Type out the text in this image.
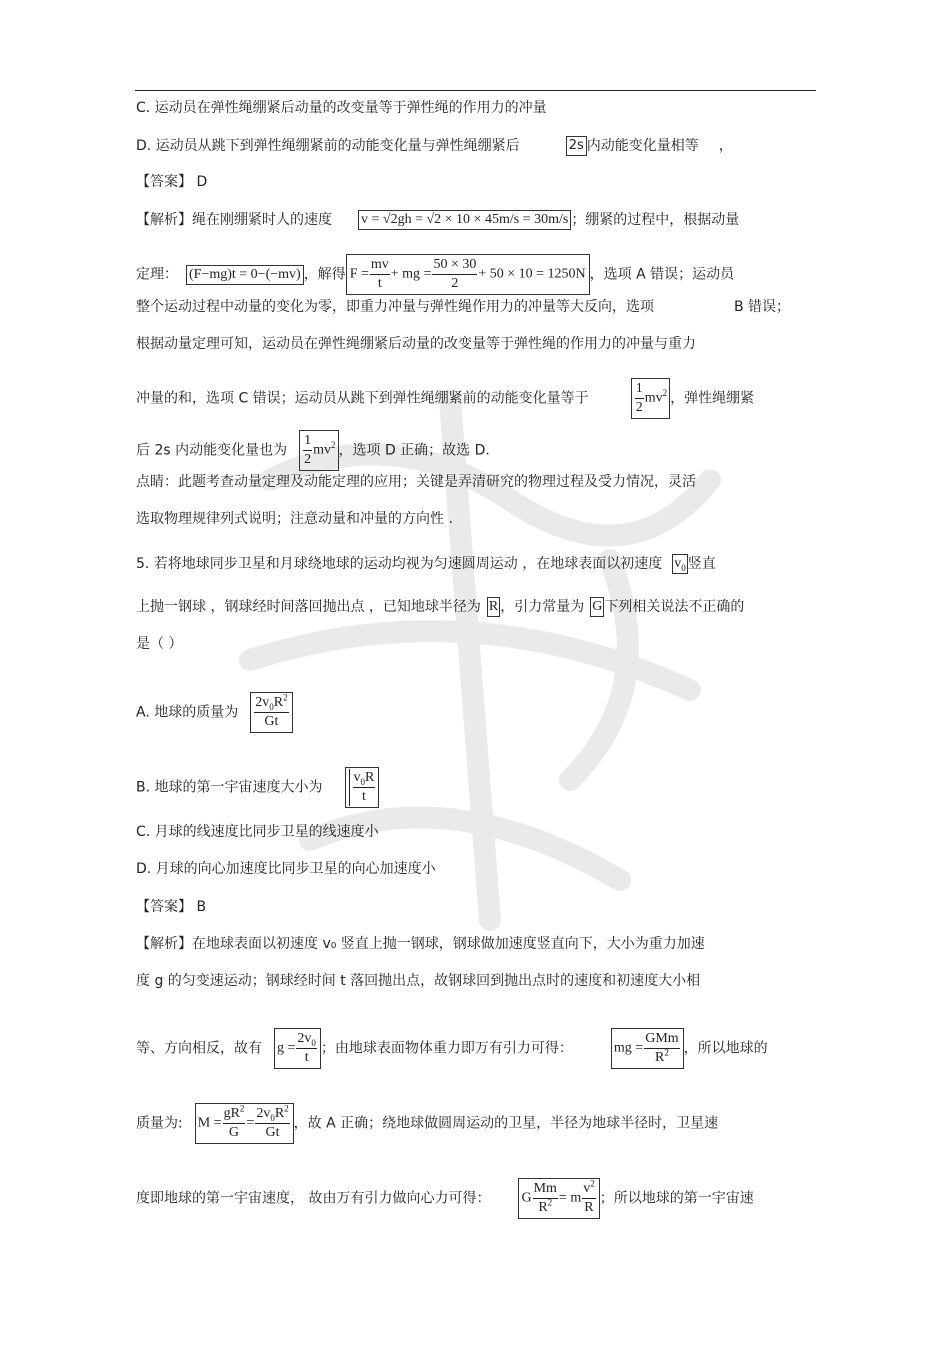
C. 运动员在弹性绳绷紧后动量的改变量等于弹性绳的作用力的冲量
D. 运动员从跳下到弹性绳绷紧前的动能变化量与弹性绳绷紧后	2s 内动能变化量相等 ，
【答案】 D
【解析】绳在刚绷紧时人的速度 v = √2gh = √2 × 10 × 45m/s = 30m/s ；绷紧的过程中，根据动量
定理： (F−mg)t = 0−(−mv) ，解得 $F = \frac{mv}{t}$ + mg = $\frac{50 \times 30}{2} + 50 \times 10 = 1250N$ ，选项 A 错误；运动员
整个运动过程中动量的变化为零，即重力冲量与弹性绳作用力的冲量等大反向，选项	B 错误；
根据动量定理可知，运动员在弹性绳绷紧后动量的改变量等于弹性绳的作用力的冲量与重力
冲量的和，选项 C 错误；运动员从跳下到弹性绳绷紧前的动能变化量等于	$\frac{1}{2} mv^2$ ，弹性绳绷紧
后 2s 内动能变化量也为 $\frac{1}{2} mv^2$ ，选项 D 正确；故选 D.
点睛：此题考查动量定理及动能定理的应用；关键是弄清研究的物理过程及受力情况，灵活
选取物理规律列式说明；注意动量和冲量的方向性 .
5. 若将地球同步卫星和月球绕地球的运动均视为匀速圆周运动 ，在地球表面以初速度 $v_0$ 竖直
上抛一钢球 ，钢球经时间落回抛出点 ，已知地球半径为 R ，引力常量为 G 下列相关说法不正确的
是（ ）
A. 地球的质量为 $\frac{2v_0R^2}{Gt}$
B. 地球的第一宇宙速度大小为 $\frac{v_0R}{t}$
C. 月球的线速度比同步卫星的线速度小
D. 月球的向心加速度比同步卫星的向心加速度小
【答案】 B
【解析】在地球表面以初速度 v₀ 竖直上抛一钢球，钢球做加速度竖直向下，大小为重力加速
度 g 的匀变速运动；钢球经时间 t 落回抛出点，故钢球回到抛出点时的速度和初速度大小相
等、方向相反，故有 $g = \frac{2v_0}{t}$ ；由地球表面物体重力即万有引力可得：	mg =
GMm
$R^2$	，所以地球的
质量为: $M = \frac{gR^2}{G} = \frac{2v_0R^2}{Gt}$ ，故 A 正确；绕地球做圆周运动的卫星，半径为地球半径时，卫星速
度即地球的第一宇宙速度， 故由万有引力做向心力可得： G $\frac{Mm}{R^2} = m \frac{v^2}{R}$ ；所以地球的第一宇宙速
